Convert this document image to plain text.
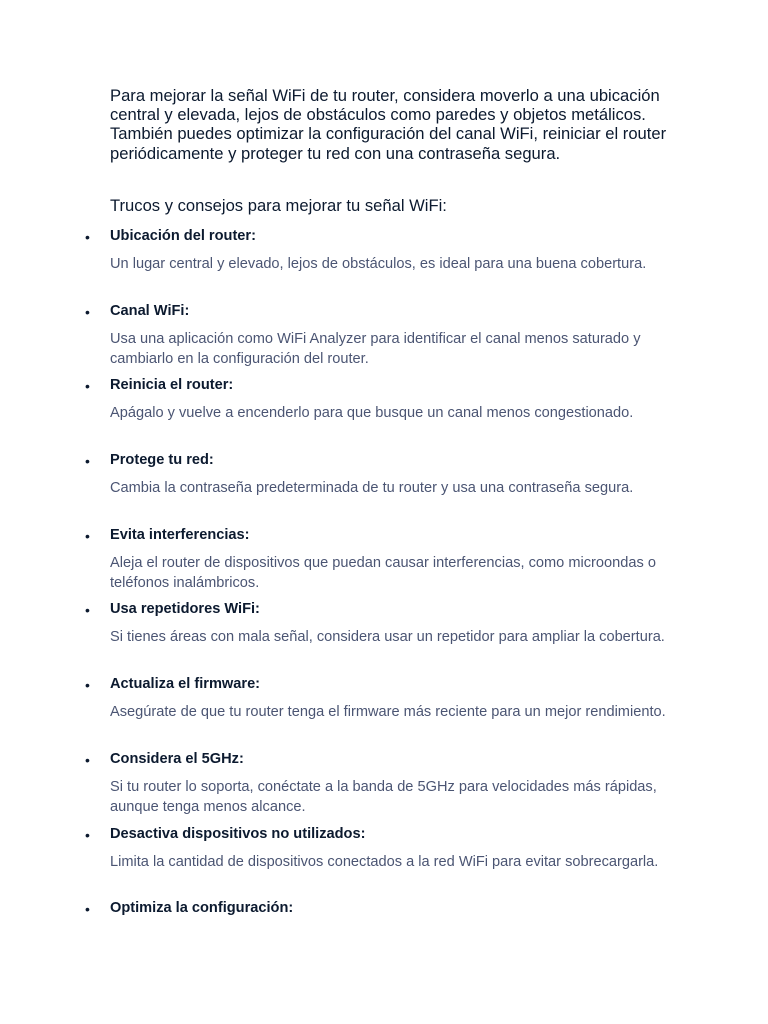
Para mejorar la señal WiFi de tu router, considera moverlo a una ubicación central y elevada, lejos de obstáculos como paredes y objetos metálicos. También puedes optimizar la configuración del canal WiFi, reiniciar el router periódicamente y proteger tu red con una contraseña segura.

Trucos y consejos para mejorar tu señal WiFi:

• Ubicación del router:

Un lugar central y elevado, lejos de obstáculos, es ideal para una buena cobertura.

• Canal WiFi:

Usa una aplicación como WiFi Analyzer para identificar el canal menos saturado y cambiarlo en la configuración del router.

• Reinicia el router:

Apágalo y vuelve a encenderlo para que busque un canal menos congestionado.

• Protege tu red:

Cambia la contraseña predeterminada de tu router y usa una contraseña segura.

• Evita interferencias:

Aleja el router de dispositivos que puedan causar interferencias, como microondas o teléfonos inalámbricos.

• Usa repetidores WiFi:

Si tienes áreas con mala señal, considera usar un repetidor para ampliar la cobertura.

• Actualiza el firmware:

Asegúrate de que tu router tenga el firmware más reciente para un mejor rendimiento.

• Considera el 5GHz:

Si tu router lo soporta, conéctate a la banda de 5GHz para velocidades más rápidas, aunque tenga menos alcance.

• Desactiva dispositivos no utilizados:

Limita la cantidad de dispositivos conectados a la red WiFi para evitar sobrecargarla.

• Optimiza la configuración:
